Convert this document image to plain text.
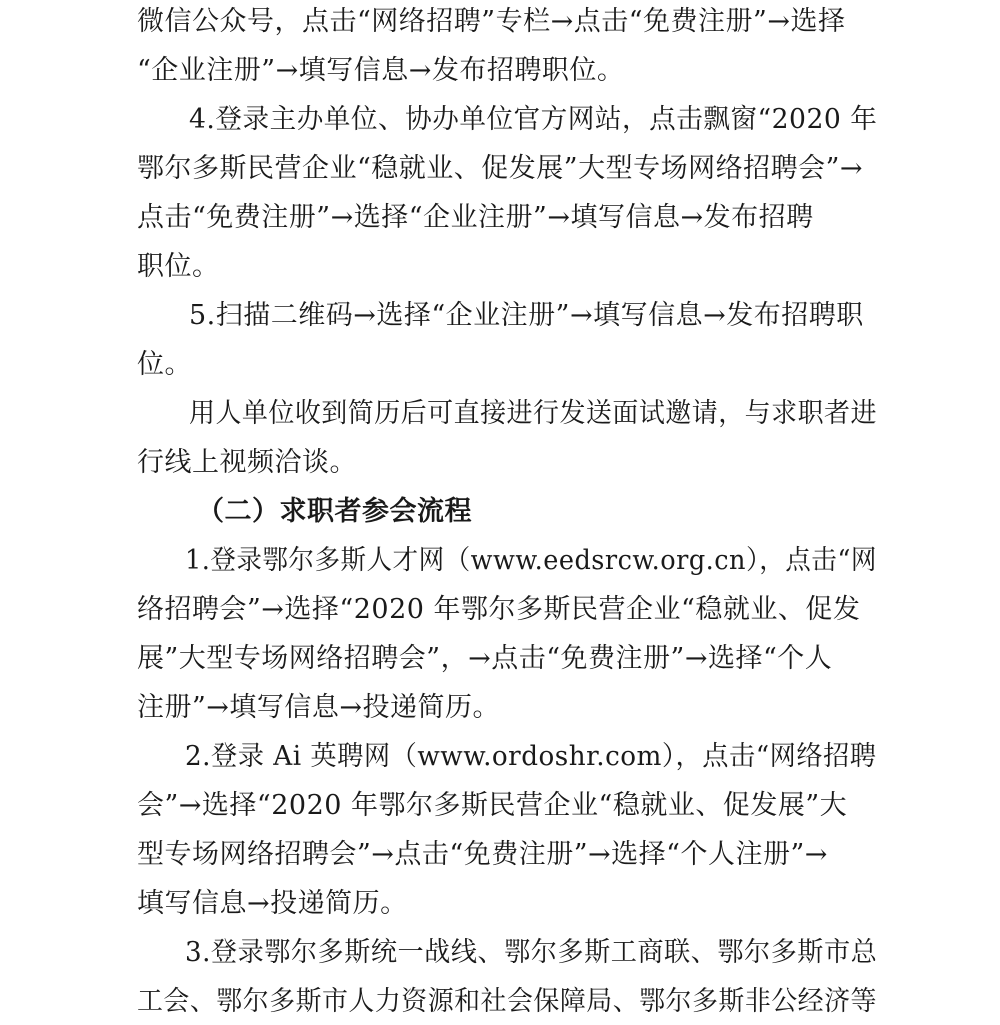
微信公众号，点击“网络招聘”专栏→点击“免费注册”→选择
“企业注册”→填写信息→发布招聘职位。
4.登录主办单位、协办单位官方网站，点击飘窗“2020 年
鄂尔多斯民营企业“稳就业、促发展”大型专场网络招聘会”→
点击“免费注册”→选择“企业注册”→填写信息→发布招聘
职位。
5.扫描二维码→选择“企业注册”→填写信息→发布招聘职
位。
用人单位收到简历后可直接进行发送面试邀请，与求职者进
行线上视频洽谈。
（二）求职者参会流程
1.登录鄂尔多斯人才网（www.eedsrcw.org.cn），点击“网
络招聘会”→选择“2020 年鄂尔多斯民营企业“稳就业、促发
展”大型专场网络招聘会”，→点击“免费注册”→选择“个人
注册”→填写信息→投递简历。
2.登录 Ai 英聘网（www.ordoshr.com），点击“网络招聘
会”→选择“2020 年鄂尔多斯民营企业“稳就业、促发展”大
型专场网络招聘会”→点击“免费注册”→选择“个人注册”→
填写信息→投递简历。
3.登录鄂尔多斯统一战线、鄂尔多斯工商联、鄂尔多斯市总
工会、鄂尔多斯市人力资源和社会保障局、鄂尔多斯非公经济等
